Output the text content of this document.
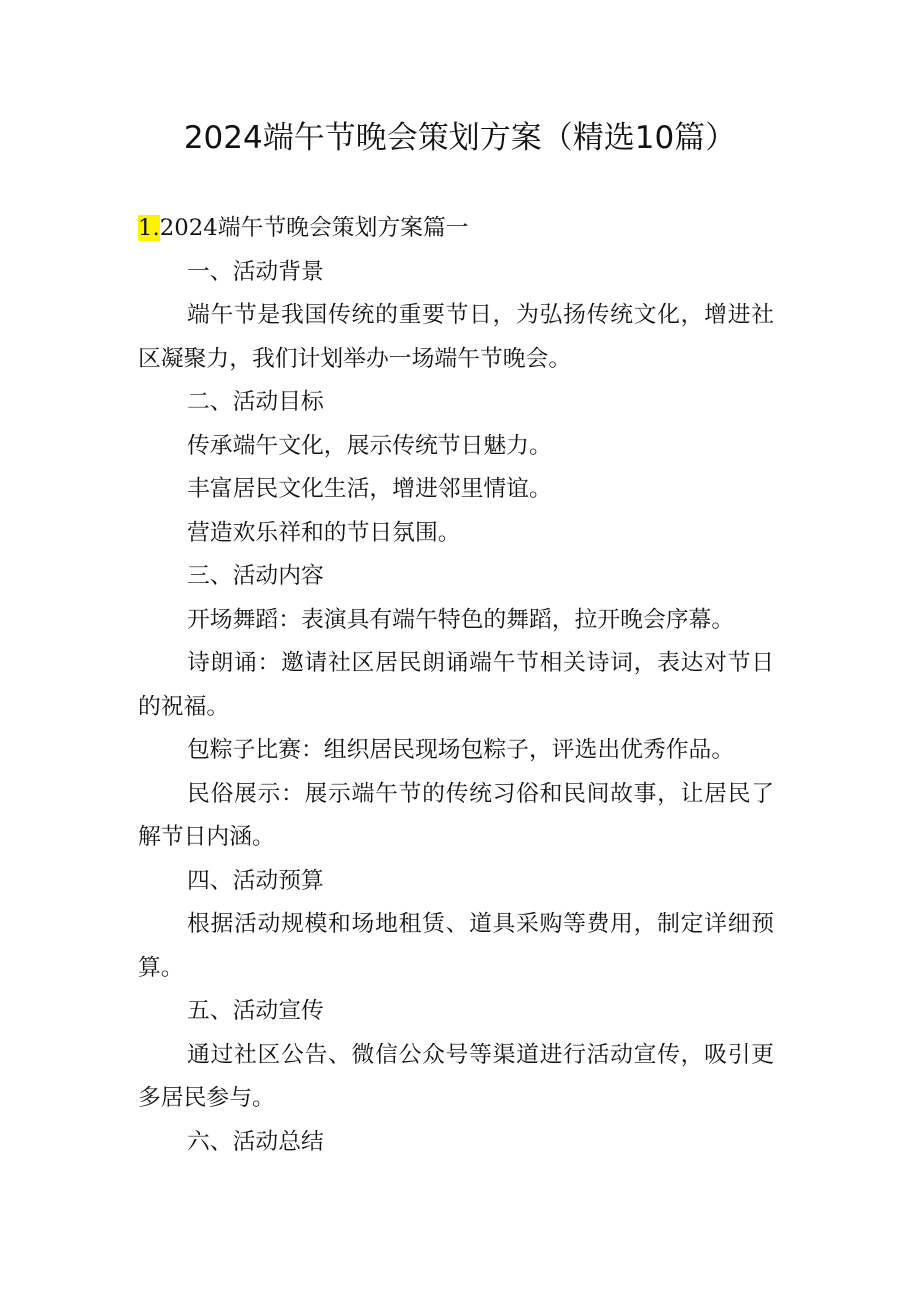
2024端午节晚会策划方案（精选10篇）

1.2024端午节晚会策划方案篇一

一、活动背景

端午节是我国传统的重要节日，为弘扬传统文化，增进社区凝聚力，我们计划举办一场端午节晚会。

二、活动目标

传承端午文化，展示传统节日魅力。

丰富居民文化生活，增进邻里情谊。

营造欢乐祥和的节日氛围。

三、活动内容

开场舞蹈：表演具有端午特色的舞蹈，拉开晚会序幕。

诗朗诵：邀请社区居民朗诵端午节相关诗词，表达对节日的祝福。

包粽子比赛：组织居民现场包粽子，评选出优秀作品。

民俗展示：展示端午节的传统习俗和民间故事，让居民了解节日内涵。

四、活动预算

根据活动规模和场地租赁、道具采购等费用，制定详细预算。

五、活动宣传

通过社区公告、微信公众号等渠道进行活动宣传，吸引更多居民参与。

六、活动总结
